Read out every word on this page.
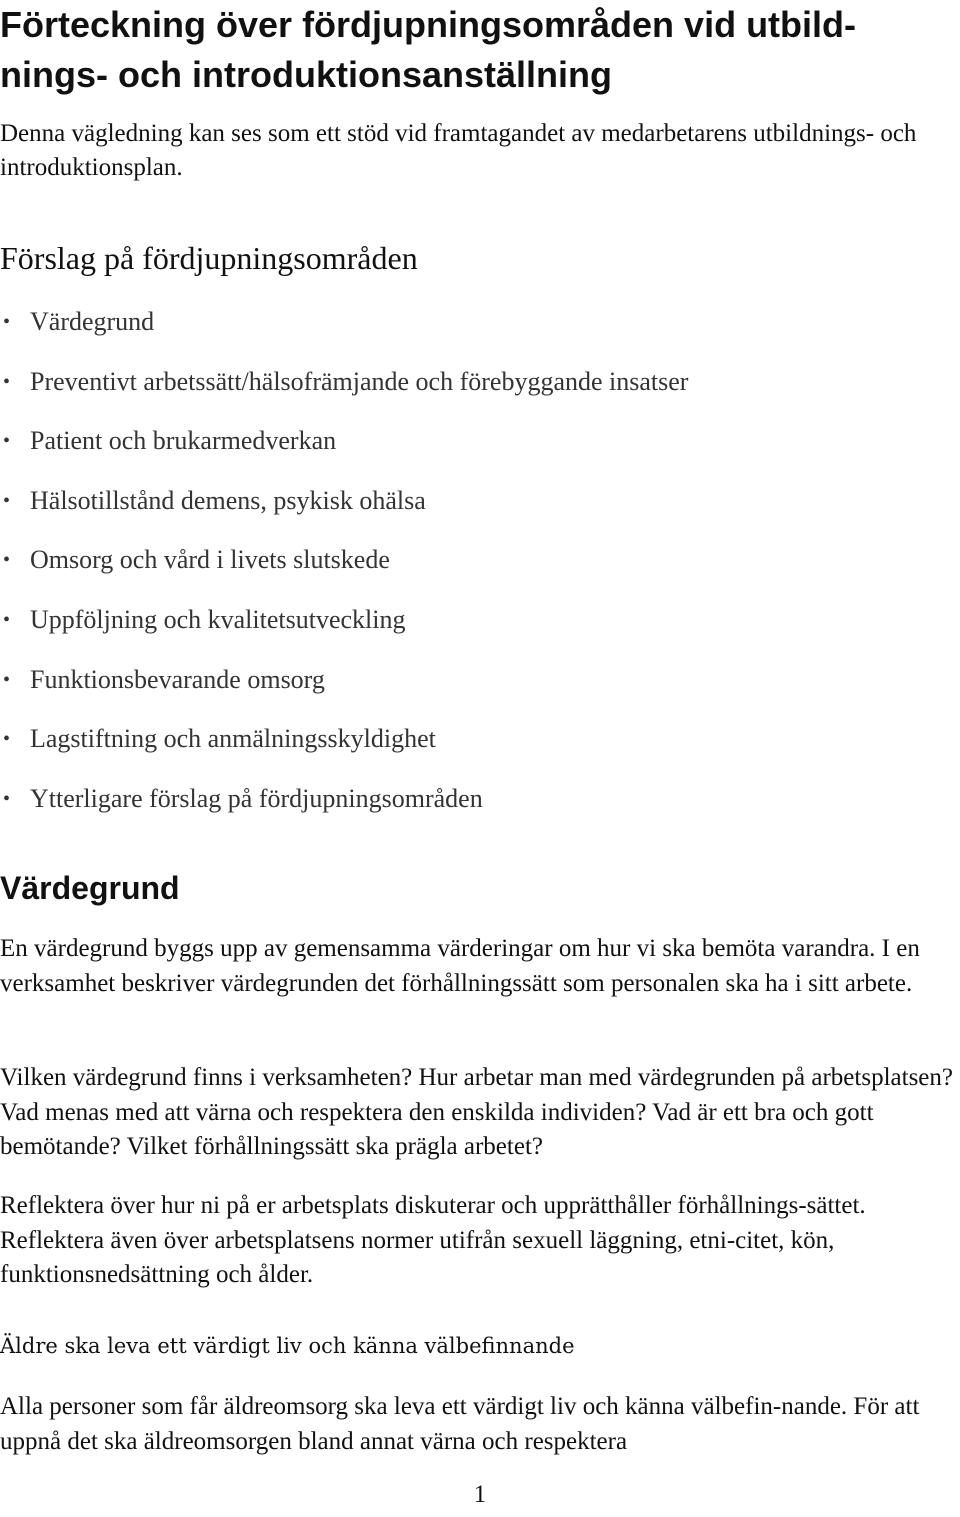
Förteckning över fördjupningsområden vid utbild-nings- och introduktionsanställning

Denna vägledning kan ses som ett stöd vid framtagandet av medarbetarens utbildnings- och introduktionsplan.

Förslag på fördjupningsområden
• Värdegrund
• Preventivt arbetssätt/hälsofrämjande och förebyggande insatser
• Patient och brukarmedverkan
• Hälsotillstånd demens, psykisk ohälsa
• Omsorg och vård i livets slutskede
• Uppföljning och kvalitetsutveckling
• Funktionsbevarande omsorg
• Lagstiftning och anmälningsskyldighet
• Ytterligare förslag på fördjupningsområden
Värdegrund

En värdegrund byggs upp av gemensamma värderingar om hur vi ska bemöta varandra. I en verksamhet beskriver värdegrunden det förhållningssätt som personalen ska ha i sitt arbete.

Vilken värdegrund finns i verksamheten? Hur arbetar man med värdegrunden på arbetsplatsen? Vad menas med att värna och respektera den enskilda individen? Vad är ett bra och gott bemötande? Vilket förhållningssätt ska prägla arbetet?

Reflektera över hur ni på er arbetsplats diskuterar och upprätthåller förhållnings-sättet. Reflektera även över arbetsplatsens normer utifrån sexuell läggning, etni-citet, kön, funktionsnedsättning och ålder.

Äldre ska leva ett värdigt liv och känna välbefinnande

Alla personer som får äldreomsorg ska leva ett värdigt liv och känna välbefin-nande. För att uppnå det ska äldreomsorgen bland annat värna och respektera

1
